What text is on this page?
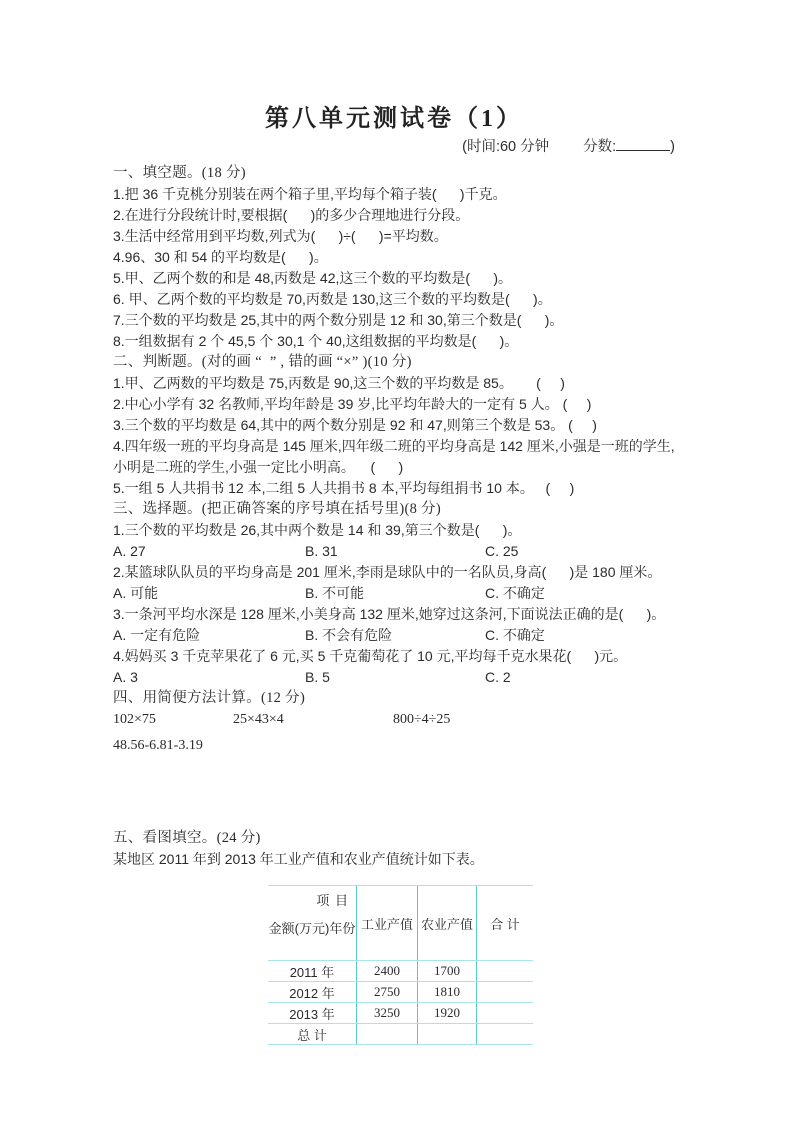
第八单元测试卷（1）
(时间:60 分钟 分数:	)

一、填空题。(18 分)

1.把 36 千克桃分别装在两个箱子里,平均每个箱子装(      )千克。

2.在进行分段统计时,要根据(      )的多少合理地进行分段。

3.生活中经常用到平均数,列式为(      )÷(      )=平均数。

4.96、30 和 54 的平均数是(      )。

5.甲、乙两个数的和是 48,丙数是 42,这三个数的平均数是(      )。

6. 甲、乙两个数的平均数是 70,丙数是 130,这三个数的平均数是(      )。

7.三个数的平均数是 25,其中的两个数分别是 12 和 30,第三个数是(      )。

8.一组数据有 2 个 45,5 个 30,1 个 40,这组数据的平均数是(      )。

二、判断题。(对的画 “  ” , 错的画 “×” )(10 分)

1.甲、乙两数的平均数是 75,丙数是 90,这三个数的平均数是 85。      (     )

2.中心小学有 32 名教师,平均年龄是 39 岁,比平均年龄大的一定有 5 人。 (     )

3.三个数的平均数是 64,其中的两个数分别是 92 和 47,则第三个数是 53。 (     )

4.四年级一班的平均身高是 145 厘米,四年级二班的平均身高是 142 厘米,小强是一班的学生,小明是二班的学生,小强一定比小明高。    (      )

5.一组 5 人共捐书 12 本,二组 5 人共捐书 8 本,平均每组捐书 10 本。   (     )

三、选择题。(把正确答案的序号填在括号里)(8 分)

1.三个数的平均数是 26,其中两个数是 14 和 39,第三个数是(      )。

A. 27	B. 31	C. 25

2.某篮球队队员的平均身高是 201 厘米,李雨是球队中的一名队员,身高(      )是 180 厘米。

A. 可能	B. 不可能	C. 不确定

3.一条河平均水深是 128 厘米,小美身高 132 厘米,她穿过这条河,下面说法正确的是(      )。

A. 一定有危险	B. 不会有危险	C. 不确定

4.妈妈买 3 千克苹果花了 6 元,买 5 千克葡萄花了 10 元,平均每千克水果花(      )元。

A. 3	B. 5	C. 2

四、用简便方法计算。(12 分)

102×75	25×43×4	800÷4÷25

48.56-6.81-3.19

五、看图填空。(24 分)

某地区 2011 年到 2013 年工业产值和农业产值统计如下表。

项 目
金额(万元)年份	工业产值	农业产值	合 计
2011 年	2400	1700	
2012 年	2750	1810	
2013 年	3250	1920	
总 计			
